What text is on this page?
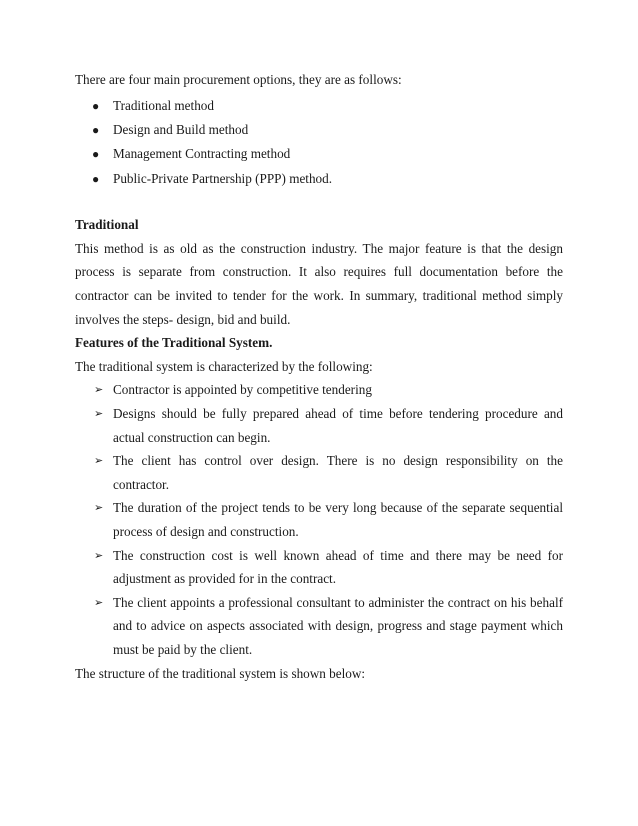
There are four main procurement options, they are as follows:

● Traditional method
● Design and Build method
● Management Contracting method
● Public-Private Partnership (PPP) method.

Traditional

This method is as old as the construction industry. The major feature is that the design process is separate from construction. It also requires full documentation before the contractor can be invited to tender for the work. In summary, traditional method simply involves the steps- design, bid and build.

Features of the Traditional System.

The traditional system is characterized by the following:

➢ Contractor is appointed by competitive tendering
➢ Designs should be fully prepared ahead of time before tendering procedure and actual construction can begin.
➢ The client has control over design. There is no design responsibility on the contractor.
➢ The duration of the project tends to be very long because of the separate sequential process of design and construction.
➢ The construction cost is well known ahead of time and there may be need for adjustment as provided for in the contract.
➢ The client appoints a professional consultant to administer the contract on his behalf and to advice on aspects associated with design, progress and stage payment which must be paid by the client.

The structure of the traditional system is shown below:
